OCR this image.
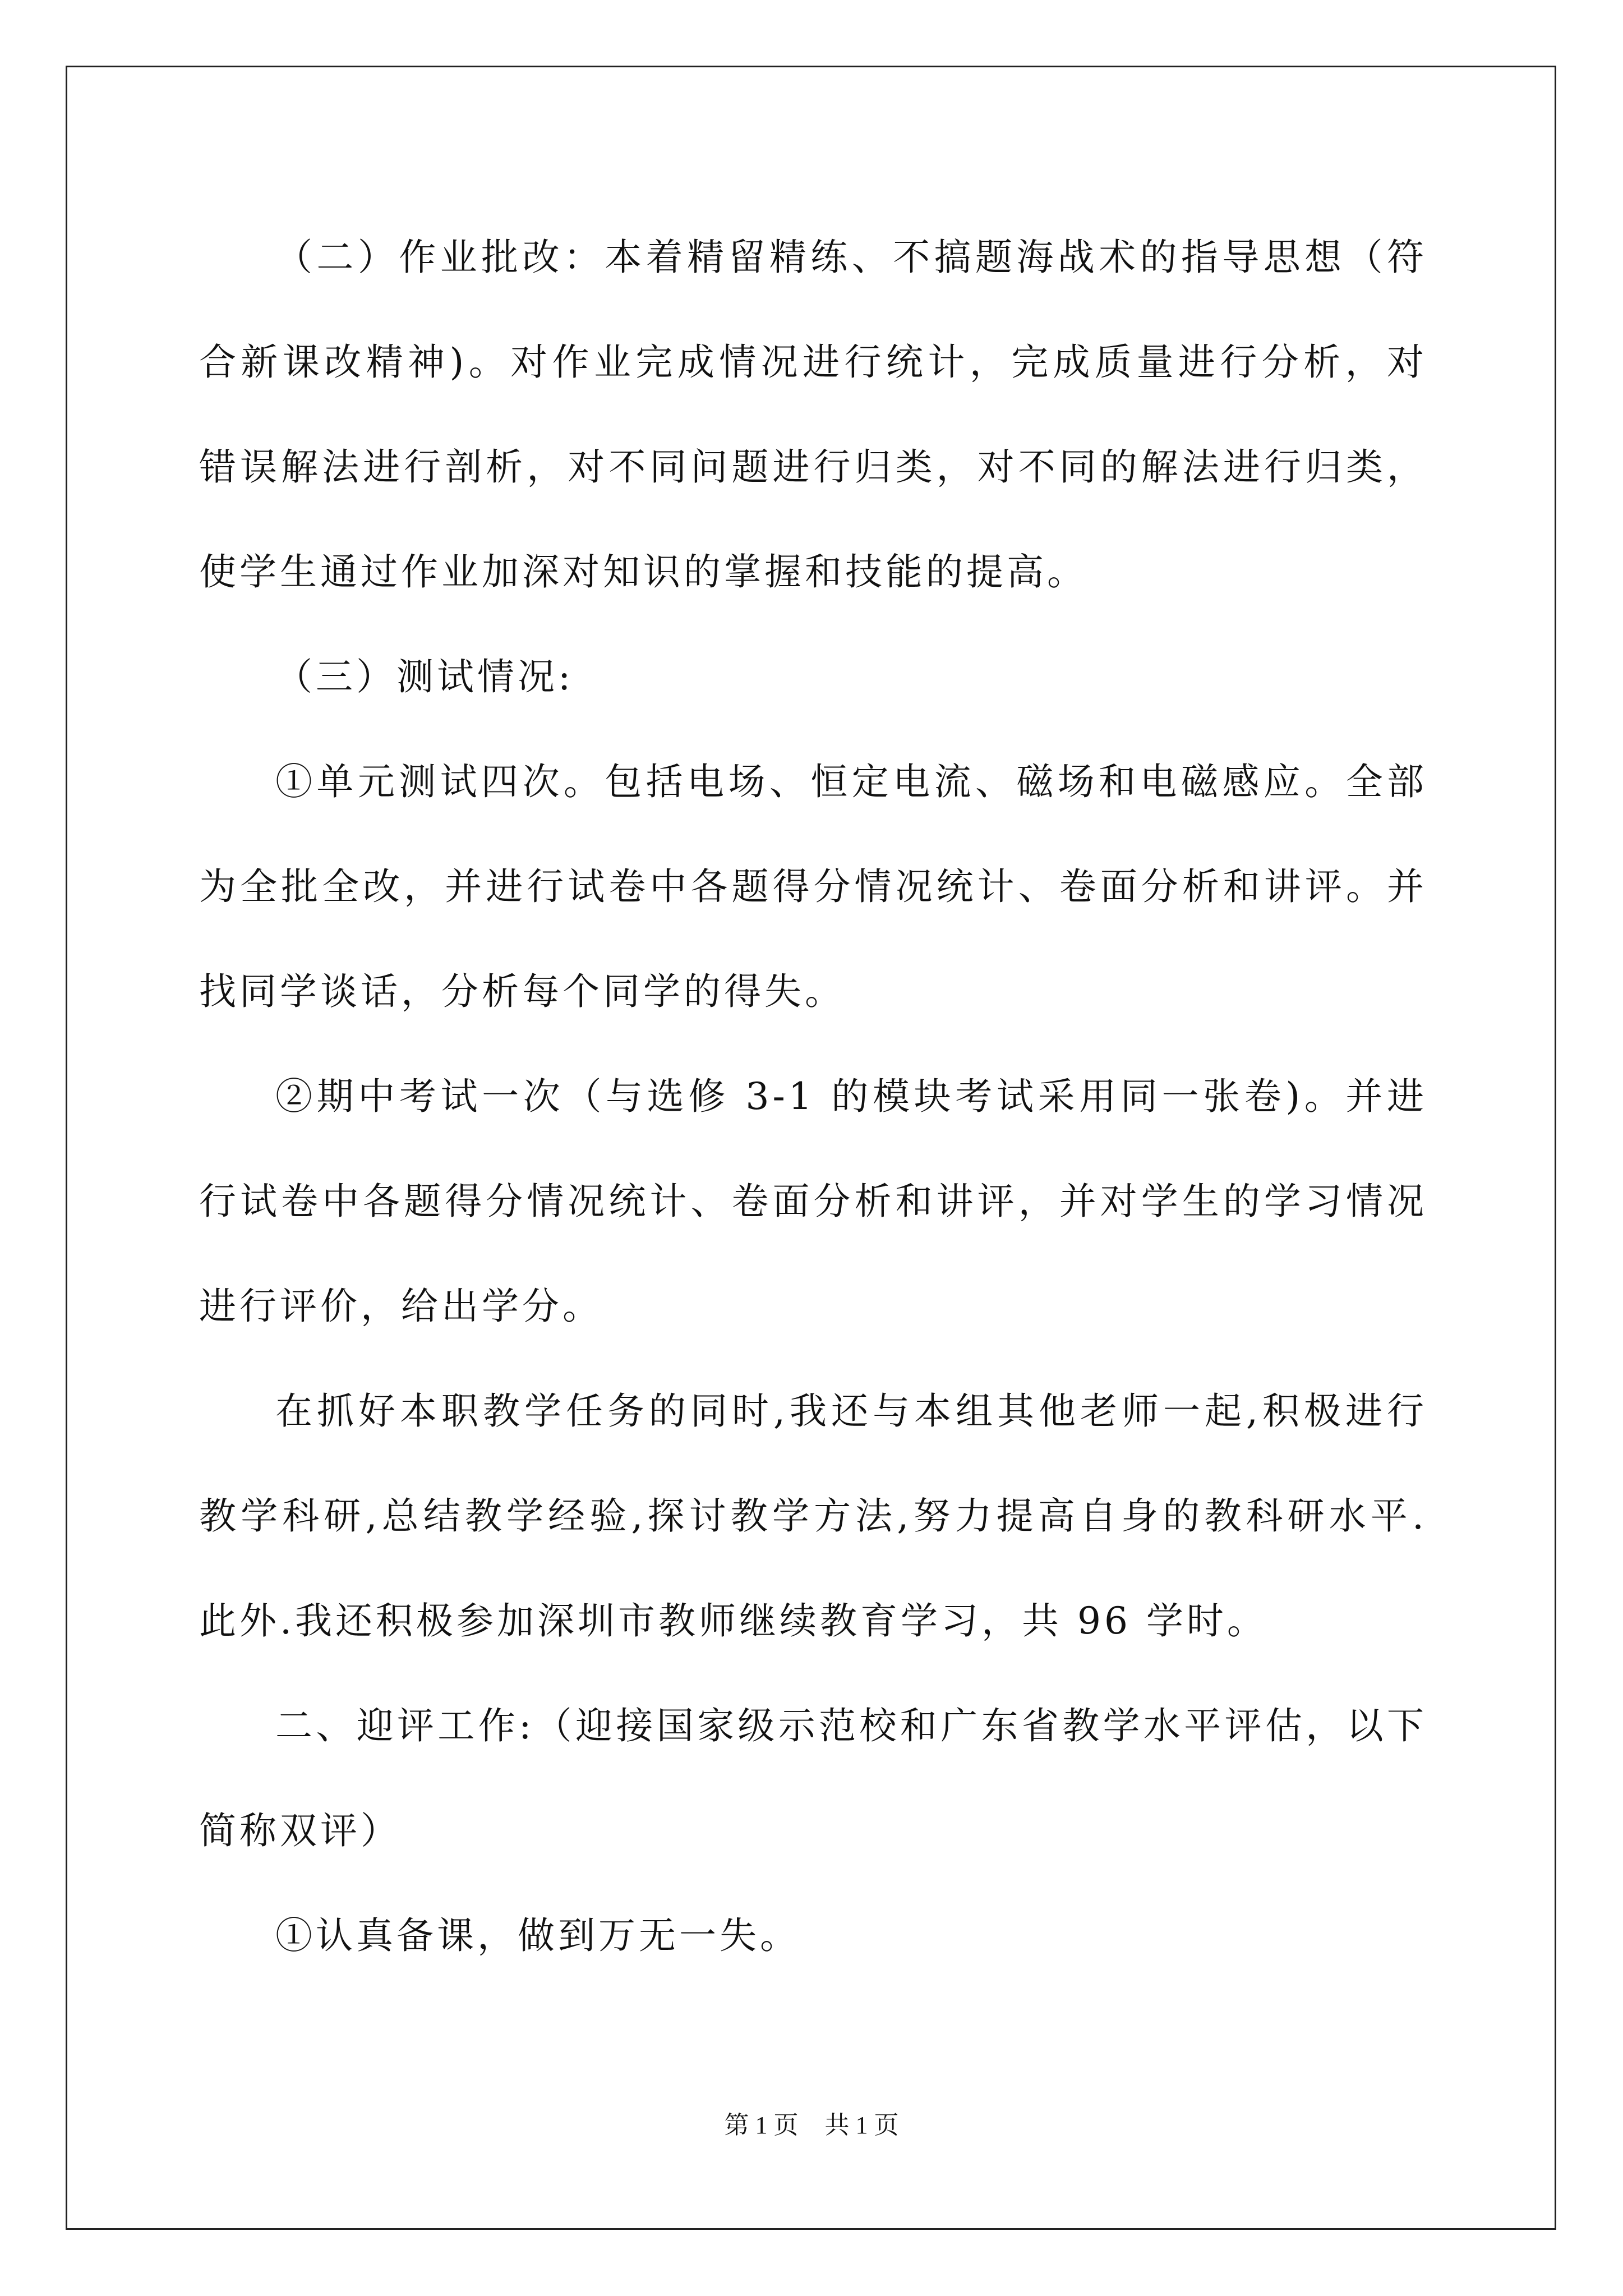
（二）作业批改：本着精留精练、不搞题海战术的指导思想（符合新课改精神)。对作业完成情况进行统计，完成质量进行分析，对错误解法进行剖析，对不同问题进行归类，对不同的解法进行归类，使学生通过作业加深对知识的掌握和技能的提高。

（三）测试情况:

①单元测试四次。包括电场、恒定电流、磁场和电磁感应。全部为全批全改，并进行试卷中各题得分情况统计、卷面分析和讲评。并找同学谈话，分析每个同学的得失。

②期中考试一次（与选修 3-1 的模块考试采用同一张卷)。并进行试卷中各题得分情况统计、卷面分析和讲评，并对学生的学习情况进行评价，给出学分。

在抓好本职教学任务的同时,我还与本组其他老师一起,积极进行教学科研,总结教学经验,探讨教学方法,努力提高自身的教科研水平.此外.我还积极参加深圳市教师继续教育学习，共 96 学时。

二、迎评工作:（迎接国家级示范校和广东省教学水平评估，以下简称双评）

①认真备课，做到万无一失。

第 1 页 共 1 页
